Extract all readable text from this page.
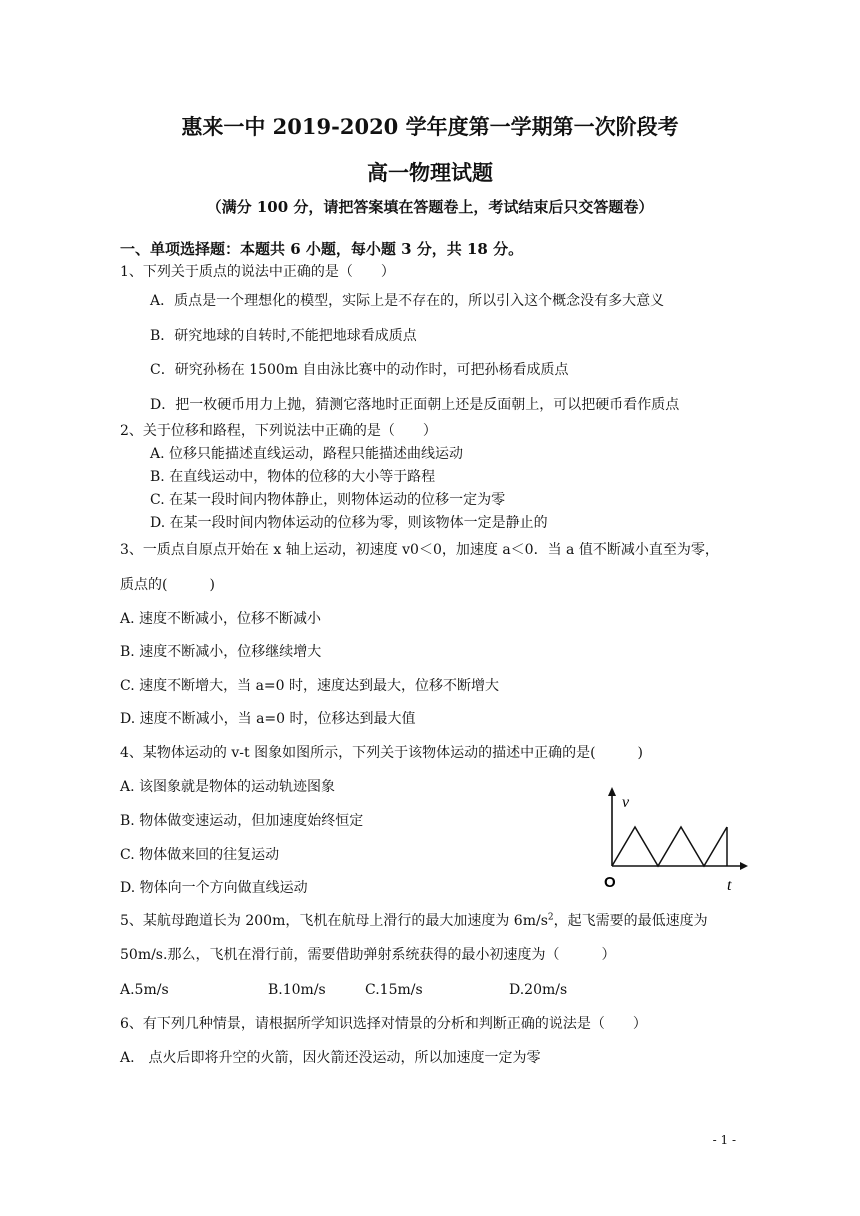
惠来一中 2019-2020 学年度第一学期第一次阶段考
高一物理试题
（满分 100 分，请把答案填在答题卷上，考试结束后只交答题卷）
一、单项选择题：本题共 6 小题，每小题 3 分，共 18 分。
1、下列关于质点的说法中正确的是（　　）
A．质点是一个理想化的模型，实际上是不存在的，所以引入这个概念没有多大意义
B．研究地球的自转时,不能把地球看成质点
C．研究孙杨在 1500m 自由泳比赛中的动作时，可把孙杨看成质点
D．把一枚硬币用力上抛，猜测它落地时正面朝上还是反面朝上，可以把硬币看作质点
2、关于位移和路程，下列说法中正确的是（　　）
A. 位移只能描述直线运动，路程只能描述曲线运动
B. 在直线运动中，物体的位移的大小等于路程
C. 在某一段时间内物体静止，则物体运动的位移一定为零
D. 在某一段时间内物体运动的位移为零，则该物体一定是静止的
3、一质点自原点开始在 x 轴上运动，初速度 v0＜0，加速度 a＜0．当 a 值不断减小直至为零，
质点的(　　　)
A. 速度不断减小，位移不断减小
B. 速度不断减小，位移继续增大
C. 速度不断增大，当 a=0 时，速度达到最大，位移不断增大
D. 速度不断减小，当 a=0 时，位移达到最大值
4、某物体运动的 v-t 图象如图所示，下列关于该物体运动的描述中正确的是(　　　)
A. 该图象就是物体的运动轨迹图象
B. 物体做变速运动，但加速度始终恒定
C. 物体做来回的往复运动
D. 物体向一个方向做直线运动
v
t
O
5、某航母跑道长为 200m，飞机在航母上滑行的最大加速度为 $6m/s^2$，起飞需要的最低速度为
50m/s.那么，飞机在滑行前，需要借助弹射系统获得的最小初速度为（　　　）
A.5m/s	B.10m/s	C.15m/s	D.20m/s
6、有下列几种情景，请根据所学知识选择对情景的分析和判断正确的说法是（　　）
A.　点火后即将升空的火箭，因火箭还没运动，所以加速度一定为零
- 1 -
